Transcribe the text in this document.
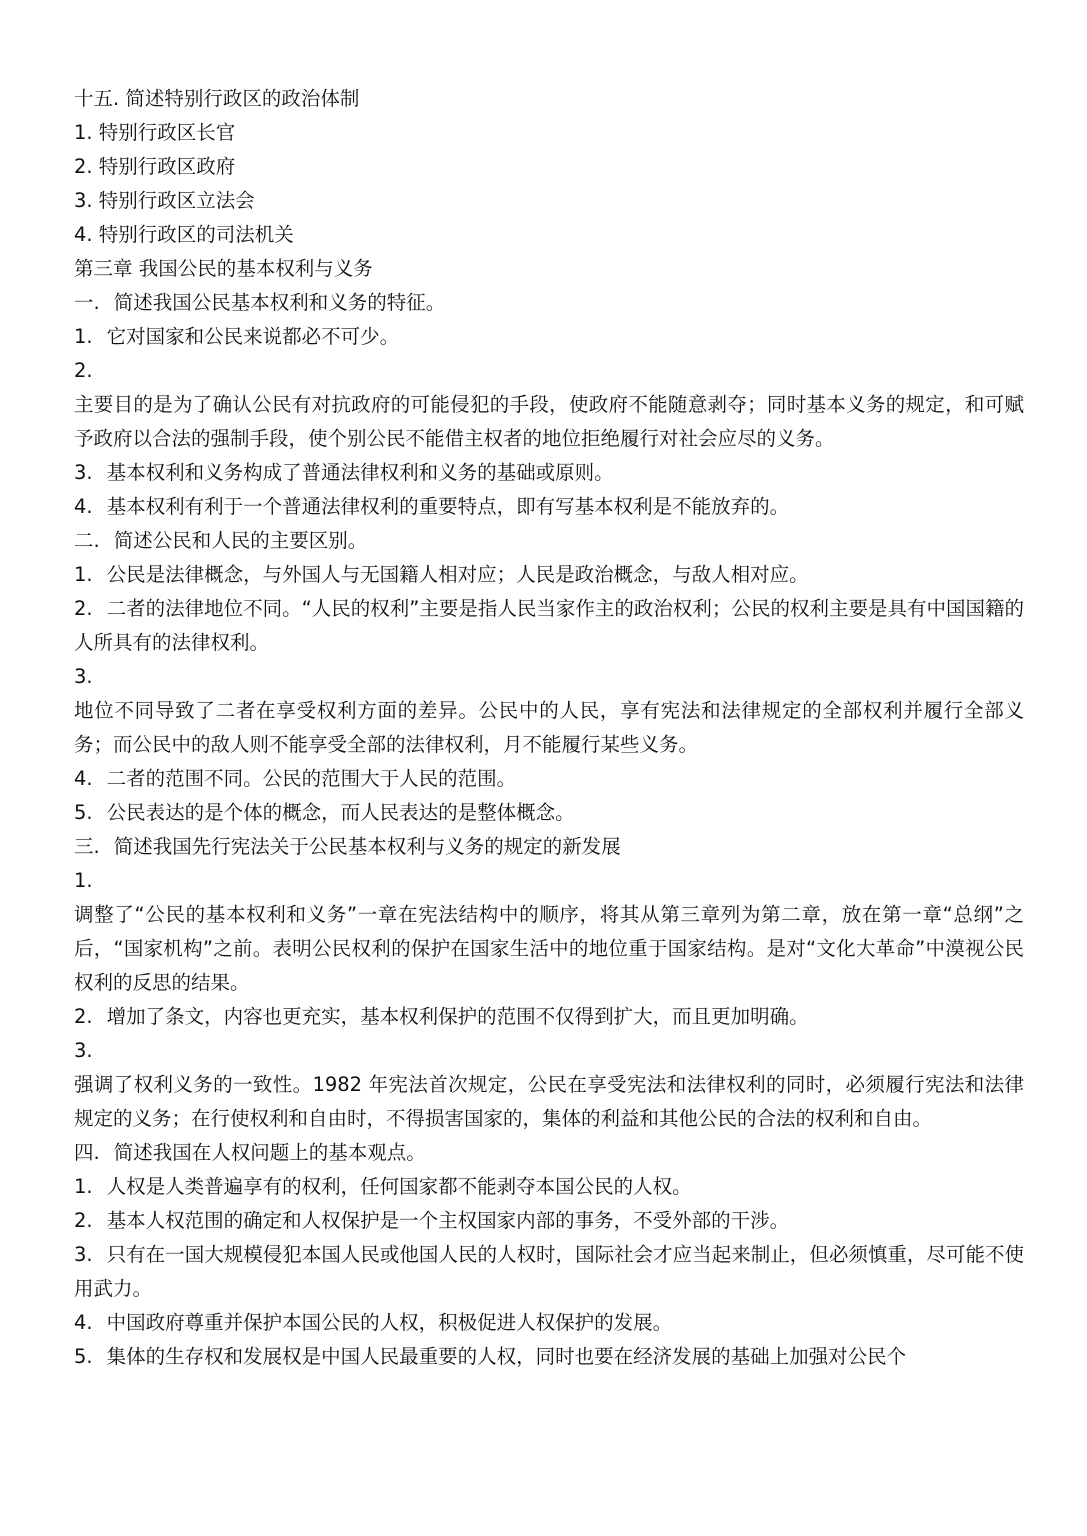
十五. 简述特别行政区的政治体制
1. 特别行政区长官
2. 特别行政区政府
3. 特别行政区立法会
4. 特别行政区的司法机关
第三章 我国公民的基本权利与义务
一. 简述我国公民基本权利和义务的特征。
1. 它对国家和公民来说都必不可少。
2.
主要目的是为了确认公民有对抗政府的可能侵犯的手段，使政府不能随意剥夺；同时基本义务的规定，和可赋予政府以合法的强制手段，使个别公民不能借主权者的地位拒绝履行对社会应尽的义务。
3. 基本权利和义务构成了普通法律权利和义务的基础或原则。
4. 基本权利有利于一个普通法律权利的重要特点，即有写基本权利是不能放弃的。
二. 简述公民和人民的主要区别。
1. 公民是法律概念，与外国人与无国籍人相对应；人民是政治概念，与敌人相对应。
2. 二者的法律地位不同。“人民的权利”主要是指人民当家作主的政治权利；公民的权利主要是具有中国国籍的人所具有的法律权利。
3.
地位不同导致了二者在享受权利方面的差异。公民中的人民，享有宪法和法律规定的全部权利并履行全部义务；而公民中的敌人则不能享受全部的法律权利，月不能履行某些义务。
4. 二者的范围不同。公民的范围大于人民的范围。
5. 公民表达的是个体的概念，而人民表达的是整体概念。
三. 简述我国先行宪法关于公民基本权利与义务的规定的新发展
1.
调整了“公民的基本权利和义务”一章在宪法结构中的顺序，将其从第三章列为第二章，放在第一章“总纲”之后，“国家机构”之前。表明公民权利的保护在国家生活中的地位重于国家结构。是对“文化大革命”中漠视公民权利的反思的结果。
2. 增加了条文，内容也更充实，基本权利保护的范围不仅得到扩大，而且更加明确。
3.
强调了权利义务的一致性。1982 年宪法首次规定，公民在享受宪法和法律权利的同时，必须履行宪法和法律规定的义务；在行使权利和自由时，不得损害国家的，集体的利益和其他公民的合法的权利和自由。
四. 简述我国在人权问题上的基本观点。
1. 人权是人类普遍享有的权利，任何国家都不能剥夺本国公民的人权。
2. 基本人权范围的确定和人权保护是一个主权国家内部的事务，不受外部的干涉。
3. 只有在一国大规模侵犯本国人民或他国人民的人权时，国际社会才应当起来制止，但必须慎重，尽可能不使用武力。
4. 中国政府尊重并保护本国公民的人权，积极促进人权保护的发展。
5. 集体的生存权和发展权是中国人民最重要的人权，同时也要在经济发展的基础上加强对公民个
